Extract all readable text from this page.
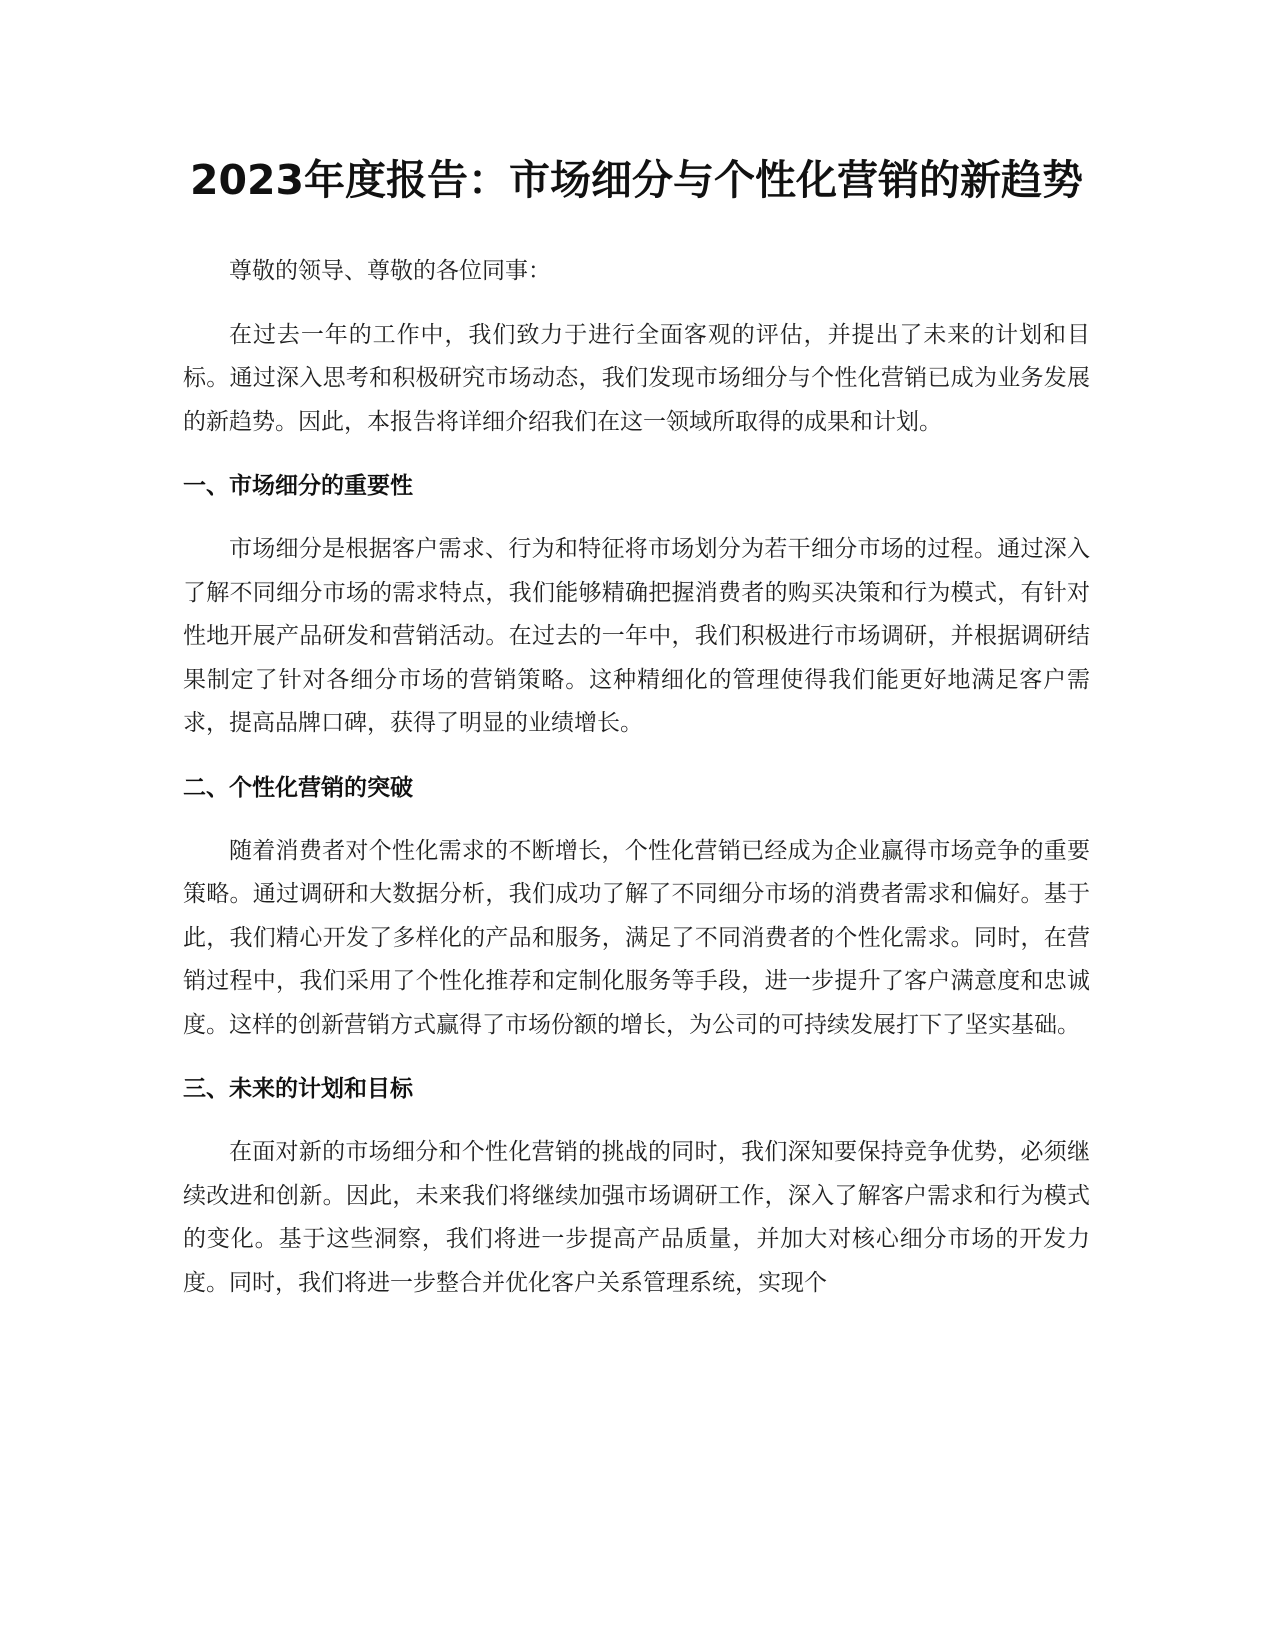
2023年度报告：市场细分与个性化营销的新趋势

尊敬的领导、尊敬的各位同事：

在过去一年的工作中，我们致力于进行全面客观的评估，并提出了未来的计划和目标。通过深入思考和积极研究市场动态，我们发现市场细分与个性化营销已成为业务发展的新趋势。因此，本报告将详细介绍我们在这一领域所取得的成果和计划。

一、市场细分的重要性

市场细分是根据客户需求、行为和特征将市场划分为若干细分市场的过程。通过深入了解不同细分市场的需求特点，我们能够精确把握消费者的购买决策和行为模式，有针对性地开展产品研发和营销活动。在过去的一年中，我们积极进行市场调研，并根据调研结果制定了针对各细分市场的营销策略。这种精细化的管理使得我们能更好地满足客户需求，提高品牌口碑，获得了明显的业绩增长。

二、个性化营销的突破

随着消费者对个性化需求的不断增长，个性化营销已经成为企业赢得市场竞争的重要策略。通过调研和大数据分析，我们成功了解了不同细分市场的消费者需求和偏好。基于此，我们精心开发了多样化的产品和服务，满足了不同消费者的个性化需求。同时，在营销过程中，我们采用了个性化推荐和定制化服务等手段，进一步提升了客户满意度和忠诚度。这样的创新营销方式赢得了市场份额的增长，为公司的可持续发展打下了坚实基础。

三、未来的计划和目标

在面对新的市场细分和个性化营销的挑战的同时，我们深知要保持竞争优势，必须继续改进和创新。因此，未来我们将继续加强市场调研工作，深入了解客户需求和行为模式的变化。基于这些洞察，我们将进一步提高产品质量，并加大对核心细分市场的开发力度。同时，我们将进一步整合并优化客户关系管理系统，实现个
